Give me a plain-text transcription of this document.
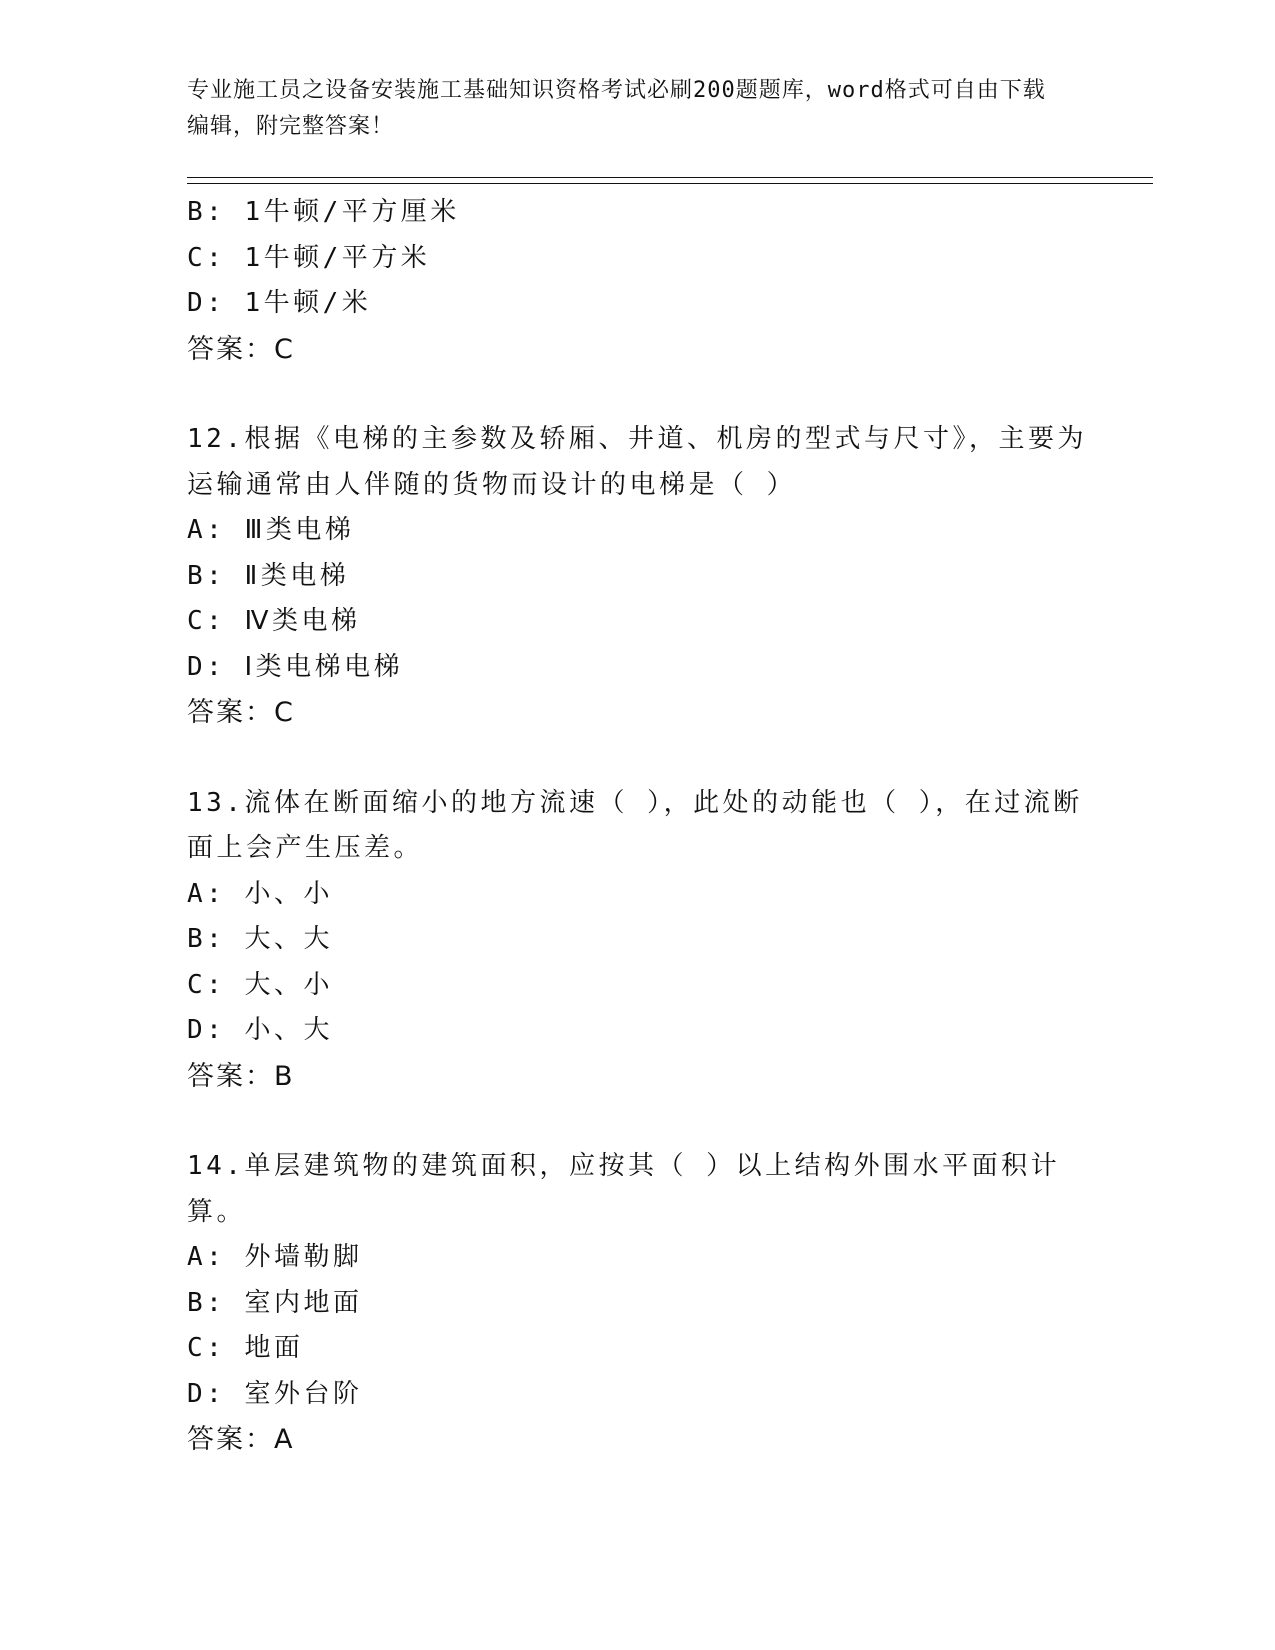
专业施工员之设备安装施工基础知识资格考试必刷200题题库，word格式可自由下载编辑，附完整答案！
B: 1牛顿/平方厘米
C: 1牛顿/平方米
D: 1牛顿/米
答案：C
12.根据《电梯的主参数及轿厢、井道、机房的型式与尺寸》，主要为运输通常由人伴随的货物而设计的电梯是（ ）
A: Ⅲ类电梯
B: Ⅱ类电梯
C: Ⅳ类电梯
D: Ⅰ类电梯电梯
答案：C
13.流体在断面缩小的地方流速（ ），此处的动能也（ ），在过流断面上会产生压差。
A: 小、小
B: 大、大
C: 大、小
D: 小、大
答案：B
14.单层建筑物的建筑面积，应按其（ ）以上结构外围水平面积计算。
A: 外墙勒脚
B: 室内地面
C: 地面
D: 室外台阶
答案：A
